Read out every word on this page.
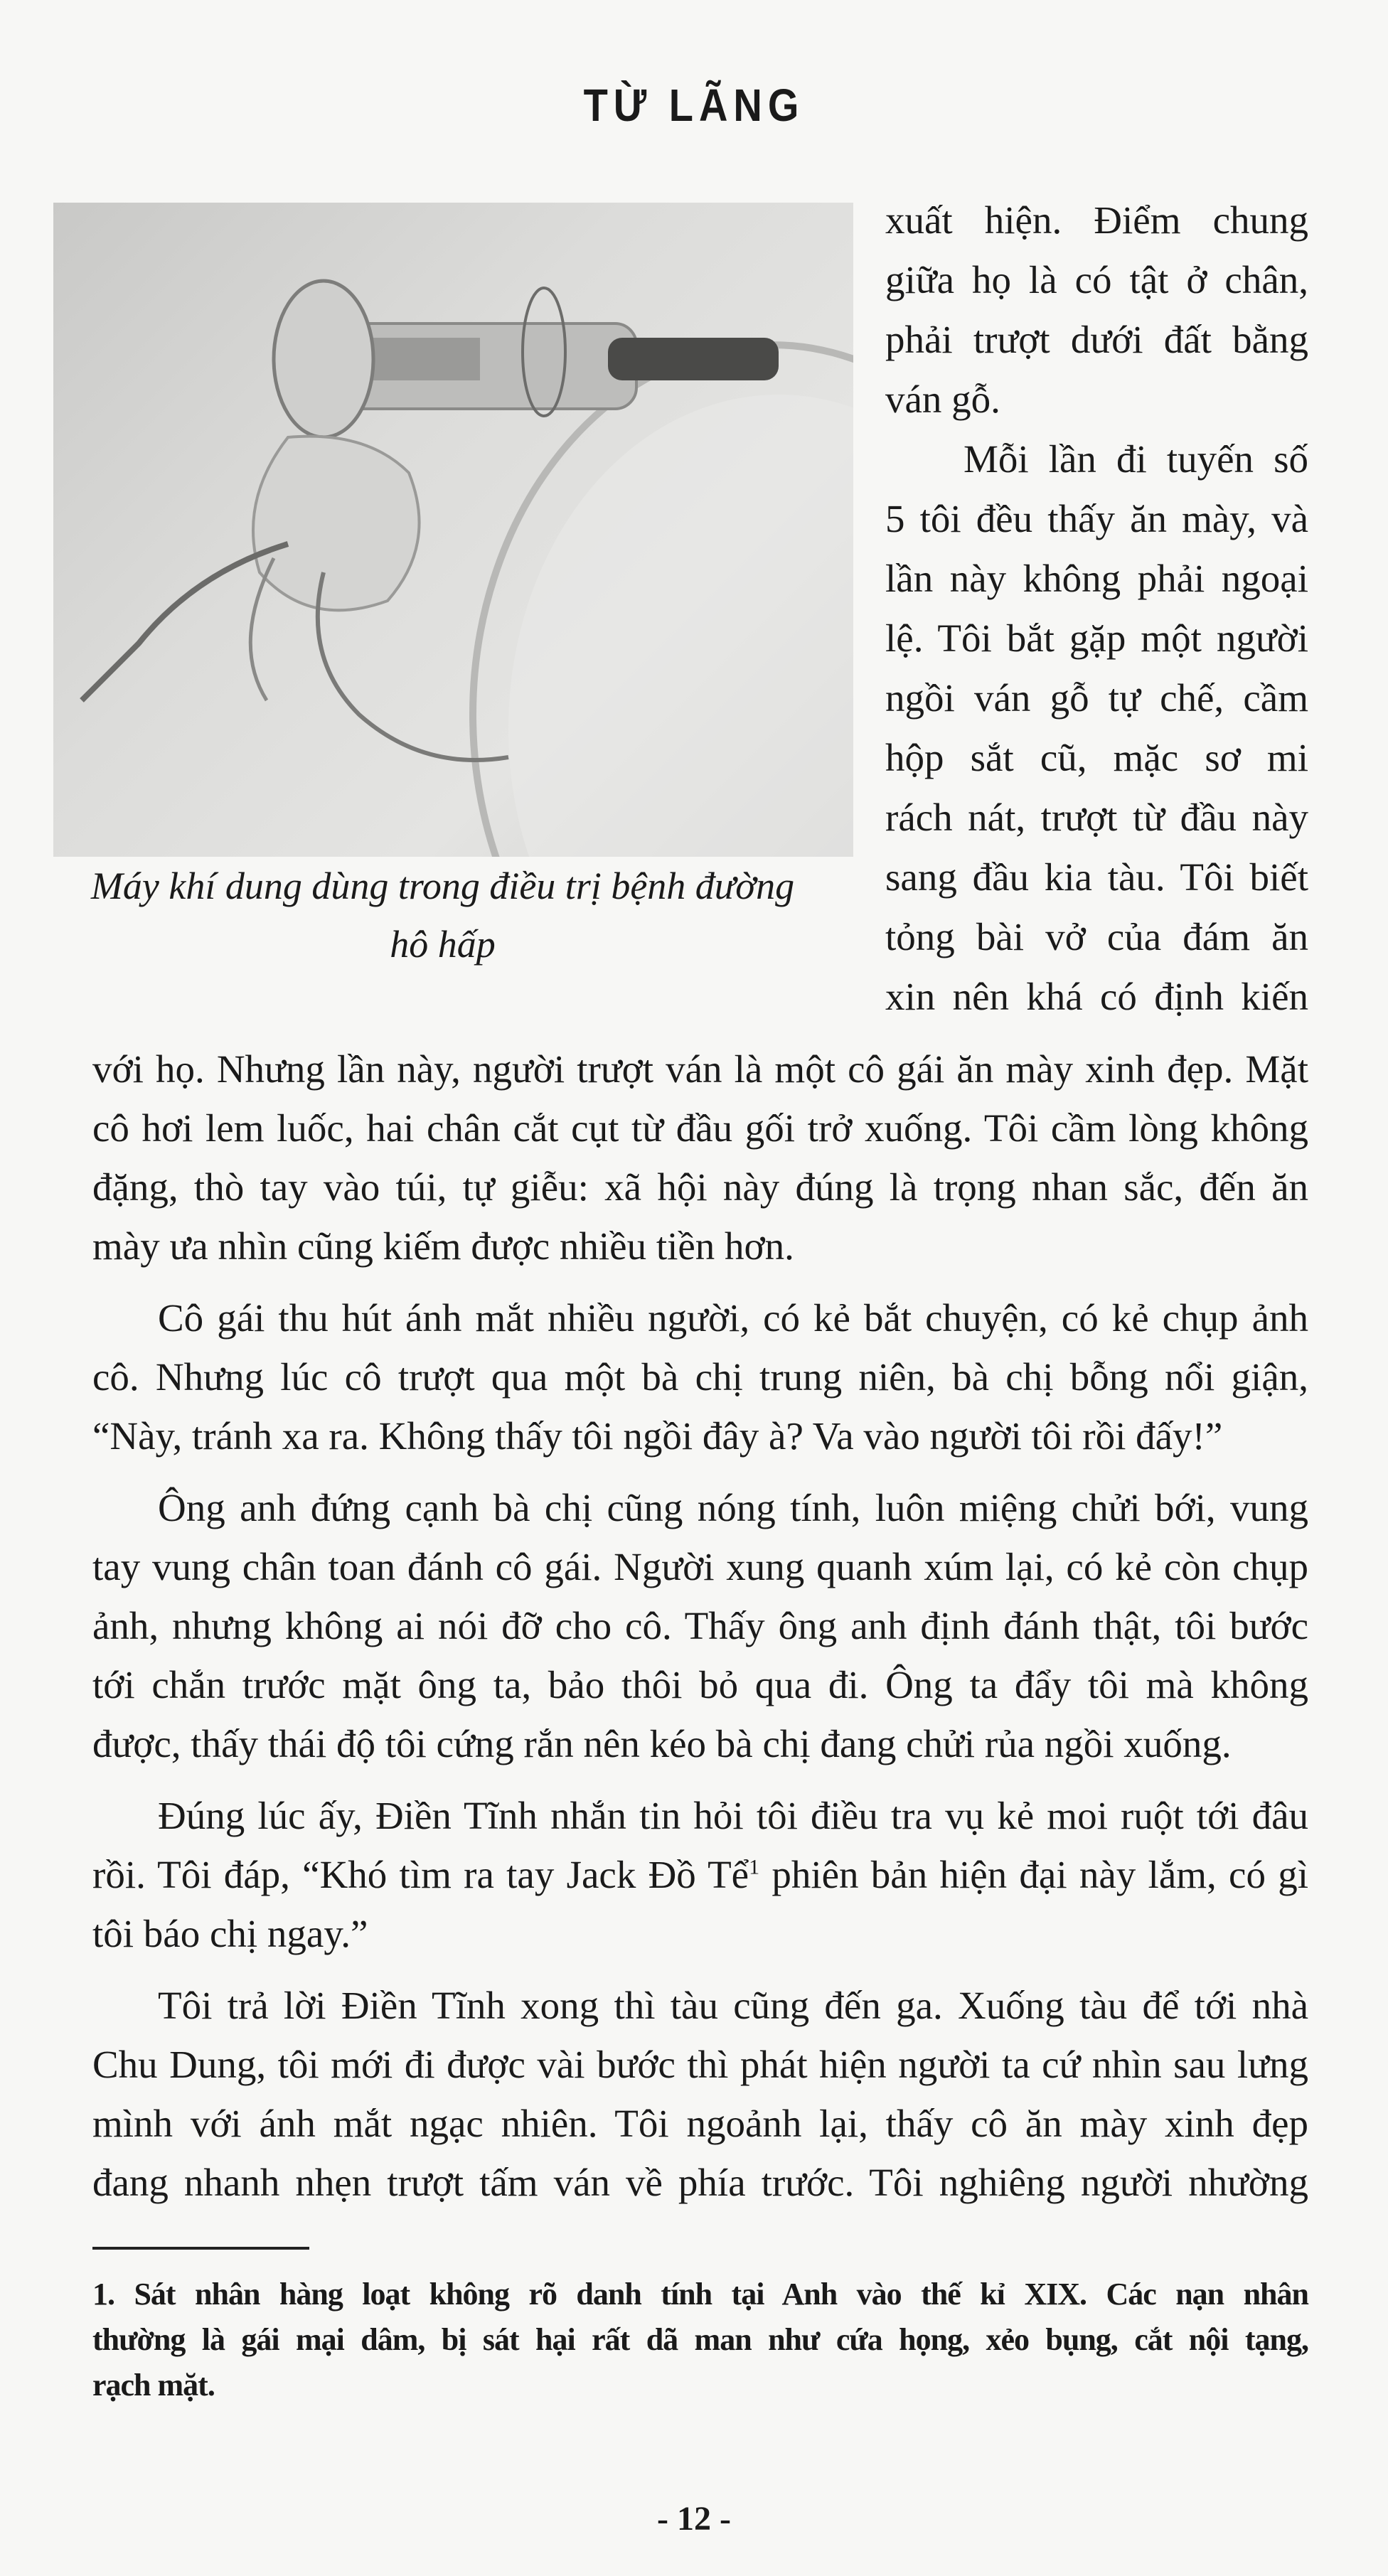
TỪ LÃNG
Máy khí dung dùng trong điều trị bệnh đường
hô hấp
xuất hiện. Điểm chung
giữa họ là có tật ở chân,
phải trượt dưới đất bằng
ván gỗ.
Mỗi lần đi tuyến số
5 tôi đều thấy ăn mày, và
lần này không phải ngoại
lệ. Tôi bắt gặp một người
ngồi ván gỗ tự chế, cầm
hộp sắt cũ, mặc sơ mi
rách nát, trượt từ đầu này
sang đầu kia tàu. Tôi biết
tỏng bài vở của đám ăn
xin nên khá có định kiến
với họ. Nhưng lần này, người trượt ván là một cô gái ăn mày xinh đẹp. Mặt
cô hơi lem luốc, hai chân cắt cụt từ đầu gối trở xuống. Tôi cầm lòng không
đặng, thò tay vào túi, tự giễu: xã hội này đúng là trọng nhan sắc, đến ăn
mày ưa nhìn cũng kiếm được nhiều tiền hơn.
Cô gái thu hút ánh mắt nhiều người, có kẻ bắt chuyện, có kẻ chụp ảnh
cô. Nhưng lúc cô trượt qua một bà chị trung niên, bà chị bỗng nổi giận,
“Này, tránh xa ra. Không thấy tôi ngồi đây à? Va vào người tôi rồi đấy!”
Ông anh đứng cạnh bà chị cũng nóng tính, luôn miệng chửi bới, vung
tay vung chân toan đánh cô gái. Người xung quanh xúm lại, có kẻ còn chụp
ảnh, nhưng không ai nói đỡ cho cô. Thấy ông anh định đánh thật, tôi bước
tới chắn trước mặt ông ta, bảo thôi bỏ qua đi. Ông ta đẩy tôi mà không
được, thấy thái độ tôi cứng rắn nên kéo bà chị đang chửi rủa ngồi xuống.
Đúng lúc ấy, Điền Tĩnh nhắn tin hỏi tôi điều tra vụ kẻ moi ruột tới đâu
rồi. Tôi đáp, “Khó tìm ra tay Jack Đồ Tể$^1$ phiên bản hiện đại này lắm, có gì
tôi báo chị ngay.”
Tôi trả lời Điền Tĩnh xong thì tàu cũng đến ga. Xuống tàu để tới nhà
Chu Dung, tôi mới đi được vài bước thì phát hiện người ta cứ nhìn sau lưng
mình với ánh mắt ngạc nhiên. Tôi ngoảnh lại, thấy cô ăn mày xinh đẹp
đang nhanh nhẹn trượt tấm ván về phía trước. Tôi nghiêng người nhường
1. Sát nhân hàng loạt không rõ danh tính tại Anh vào thế kỉ XIX. Các nạn nhân
thường là gái mại dâm, bị sát hại rất dã man như cứa họng, xẻo bụng, cắt nội tạng,
rạch mặt.
- 12 -
